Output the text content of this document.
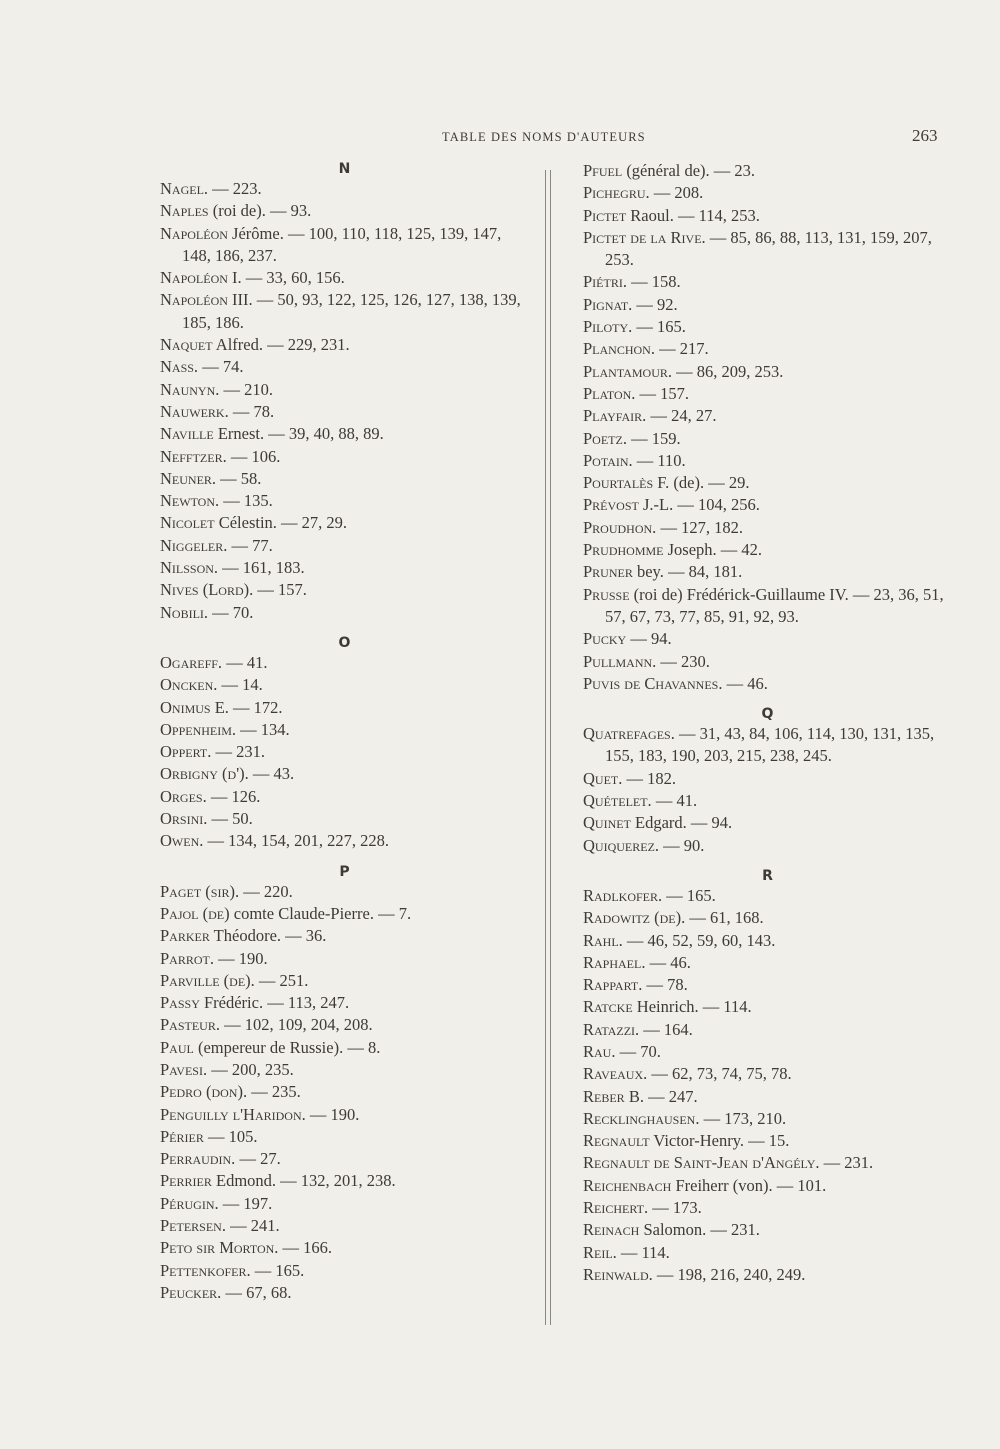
TABLE DES NOMS D'AUTEURS	263
N
Nagel. — 223.
Naples (roi de). — 93.
Napoléon Jérôme. — 100, 110, 118, 125, 139, 147, 148, 186, 237.
Napoléon I. — 33, 60, 156.
Napoléon III. — 50, 93, 122, 125, 126, 127, 138, 139, 185, 186.
Naquet Alfred. — 229, 231.
Nass. — 74.
Naunyn. — 210.
Nauwerk. — 78.
Naville Ernest. — 39, 40, 88, 89.
Nefftzer. — 106.
Neuner. — 58.
Newton. — 135.
Nicolet Célestin. — 27, 29.
Niggeler. — 77.
Nilsson. — 161, 183.
Nives (Lord). — 157.
Nobili. — 70.
O
Ogareff. — 41.
Oncken. — 14.
Onimus E. — 172.
Oppenheim. — 134.
Oppert. — 231.
Orbigny (d'). — 43.
Orges. — 126.
Orsini. — 50.
Owen. — 134, 154, 201, 227, 228.
P
Paget (sir). — 220.
Pajol (de) comte Claude-Pierre. — 7.
Parker Théodore. — 36.
Parrot. — 190.
Parville (de). — 251.
Passy Frédéric. — 113, 247.
Pasteur. — 102, 109, 204, 208.
Paul (empereur de Russie). — 8.
Pavesi. — 200, 235.
Pedro (don). — 235.
Penguilly l'Haridon. — 190.
Périer — 105.
Perraudin. — 27.
Perrier Edmond. — 132, 201, 238.
Pérugin. — 197.
Petersen. — 241.
Peto sir Morton. — 166.
Pettenkofer. — 165.
Peucker. — 67, 68.
Pfuel (général de). — 23.
Pichegru. — 208.
Pictet Raoul. — 114, 253.
Pictet de la Rive. — 85, 86, 88, 113, 131, 159, 207, 253.
Piétri. — 158.
Pignat. — 92.
Piloty. — 165.
Planchon. — 217.
Plantamour. — 86, 209, 253.
Platon. — 157.
Playfair. — 24, 27.
Poetz. — 159.
Potain. — 110.
Pourtalès F. (de). — 29.
Prévost J.-L. — 104, 256.
Proudhon. — 127, 182.
Prudhomme Joseph. — 42.
Pruner bey. — 84, 181.
Prusse (roi de) Frédérick-Guillaume IV. — 23, 36, 51, 57, 67, 73, 77, 85, 91, 92, 93.
Pucky — 94.
Pullmann. — 230.
Puvis de Chavannes. — 46.
Q
Quatrefages. — 31, 43, 84, 106, 114, 130, 131, 135, 155, 183, 190, 203, 215, 238, 245.
Quet. — 182.
Quételet. — 41.
Quinet Edgard. — 94.
Quiquerez. — 90.
R
Radlkofer. — 165.
Radowitz (de). — 61, 168.
Rahl. — 46, 52, 59, 60, 143.
Raphael. — 46.
Rappart. — 78.
Ratcke Heinrich. — 114.
Ratazzi. — 164.
Rau. — 70.
Raveaux. — 62, 73, 74, 75, 78.
Reber B. — 247.
Recklinghausen. — 173, 210.
Regnault Victor-Henry. — 15.
Regnault de Saint-Jean d'Angély. — 231.
Reichenbach Freiherr (von). — 101.
Reichert. — 173.
Reinach Salomon. — 231.
Reil. — 114.
Reinwald. — 198, 216, 240, 249.
